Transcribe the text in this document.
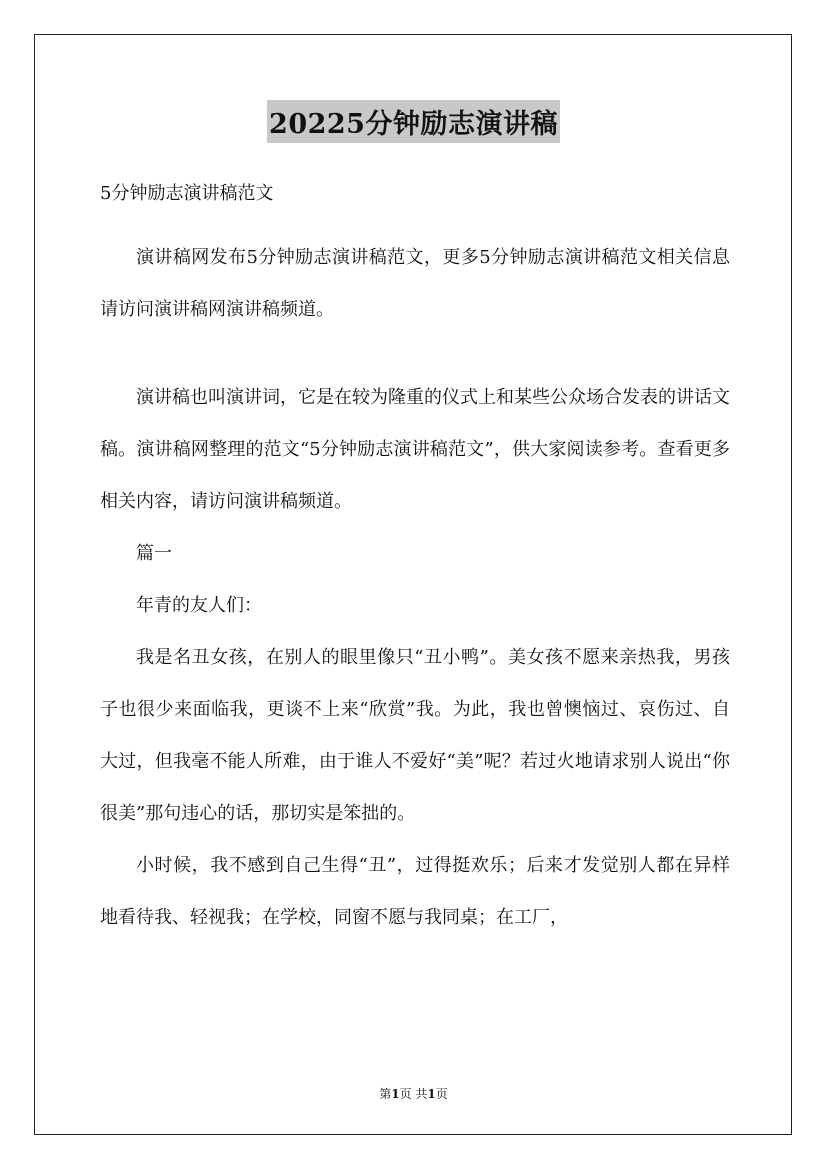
20225分钟励志演讲稿

5分钟励志演讲稿范文

演讲稿网发布5分钟励志演讲稿范文，更多5分钟励志演讲稿范文相关信息请访问演讲稿网演讲稿频道。

演讲稿也叫演讲词，它是在较为隆重的仪式上和某些公众场合发表的讲话文稿。演讲稿网整理的范文“5分钟励志演讲稿范文”，供大家阅读参考。查看更多相关内容，请访问演讲稿频道。

篇一

年青的友人们：

我是名丑女孩，在别人的眼里像只“丑小鸭”。美女孩不愿来亲热我，男孩子也很少来面临我，更谈不上来“欣赏”我。为此，我也曾懊恼过、哀伤过、自大过，但我毫不能人所难，由于谁人不爱好“美”呢？若过火地请求别人说出“你很美”那句违心的话，那切实是笨拙的。

小时候，我不感到自己生得“丑”，过得挺欢乐；后来才发觉别人都在异样地看待我、轻视我；在学校，同窗不愿与我同桌；在工厂，

第1页 共1页
